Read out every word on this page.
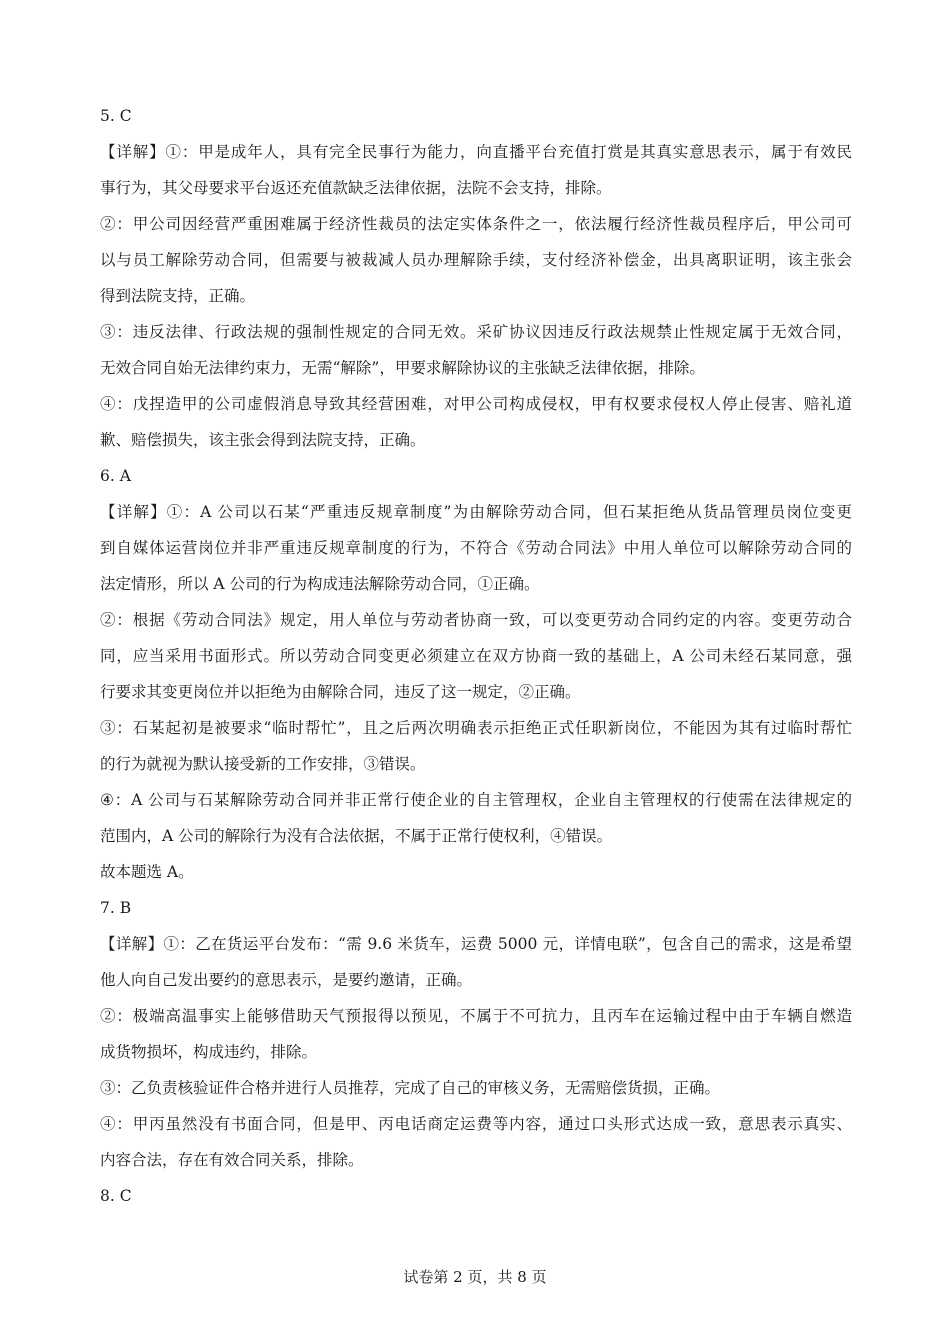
5. C
【详解】①：甲是成年人，具有完全民事行为能力，向直播平台充值打赏是其真实意思表示，属于有效民
事行为，其父母要求平台返还充值款缺乏法律依据，法院不会支持，排除。
②：甲公司因经营严重困难属于经济性裁员的法定实体条件之一，依法履行经济性裁员程序后，甲公司可
以与员工解除劳动合同，但需要与被裁减人员办理解除手续，支付经济补偿金，出具离职证明，该主张会
得到法院支持，正确。
③：违反法律、行政法规的强制性规定的合同无效。采矿协议因违反行政法规禁止性规定属于无效合同，
无效合同自始无法律约束力，无需“解除”，甲要求解除协议的主张缺乏法律依据，排除。
④：戊捏造甲的公司虚假消息导致其经营困难，对甲公司构成侵权，甲有权要求侵权人停止侵害、赔礼道
歉、赔偿损失，该主张会得到法院支持，正确。
6. A
【详解】①：A 公司以石某“严重违反规章制度”为由解除劳动合同，但石某拒绝从货品管理员岗位变更
到自媒体运营岗位并非严重违反规章制度的行为，不符合《劳动合同法》中用人单位可以解除劳动合同的
法定情形，所以 A 公司的行为构成违法解除劳动合同，①正确。
②：根据《劳动合同法》规定，用人单位与劳动者协商一致，可以变更劳动合同约定的内容。变更劳动合
同，应当采用书面形式。所以劳动合同变更必须建立在双方协商一致的基础上，A 公司未经石某同意，强
行要求其变更岗位并以拒绝为由解除合同，违反了这一规定，②正确。
③：石某起初是被要求“临时帮忙”，且之后两次明确表示拒绝正式任职新岗位，不能因为其有过临时帮忙
的行为就视为默认接受新的工作安排，③错误。
④：A 公司与石某解除劳动合同并非正常行使企业的自主管理权，企业自主管理权的行使需在法律规定的
范围内，A 公司的解除行为没有合法依据，不属于正常行使权利，④错误。
故本题选 A。
7. B
【详解】①：乙在货运平台发布：“需 9.6 米货车，运费 5000 元，详情电联”，包含自己的需求，这是希望
他人向自己发出要约的意思表示，是要约邀请，正确。
②：极端高温事实上能够借助天气预报得以预见，不属于不可抗力，且丙车在运输过程中由于车辆自燃造
成货物损坏，构成违约，排除。
③：乙负责核验证件合格并进行人员推荐，完成了自己的审核义务，无需赔偿货损，正确。
④：甲丙虽然没有书面合同，但是甲、丙电话商定运费等内容，通过口头形式达成一致，意思表示真实、
内容合法，存在有效合同关系，排除。
8. C
试卷第 2 页，共 8 页
